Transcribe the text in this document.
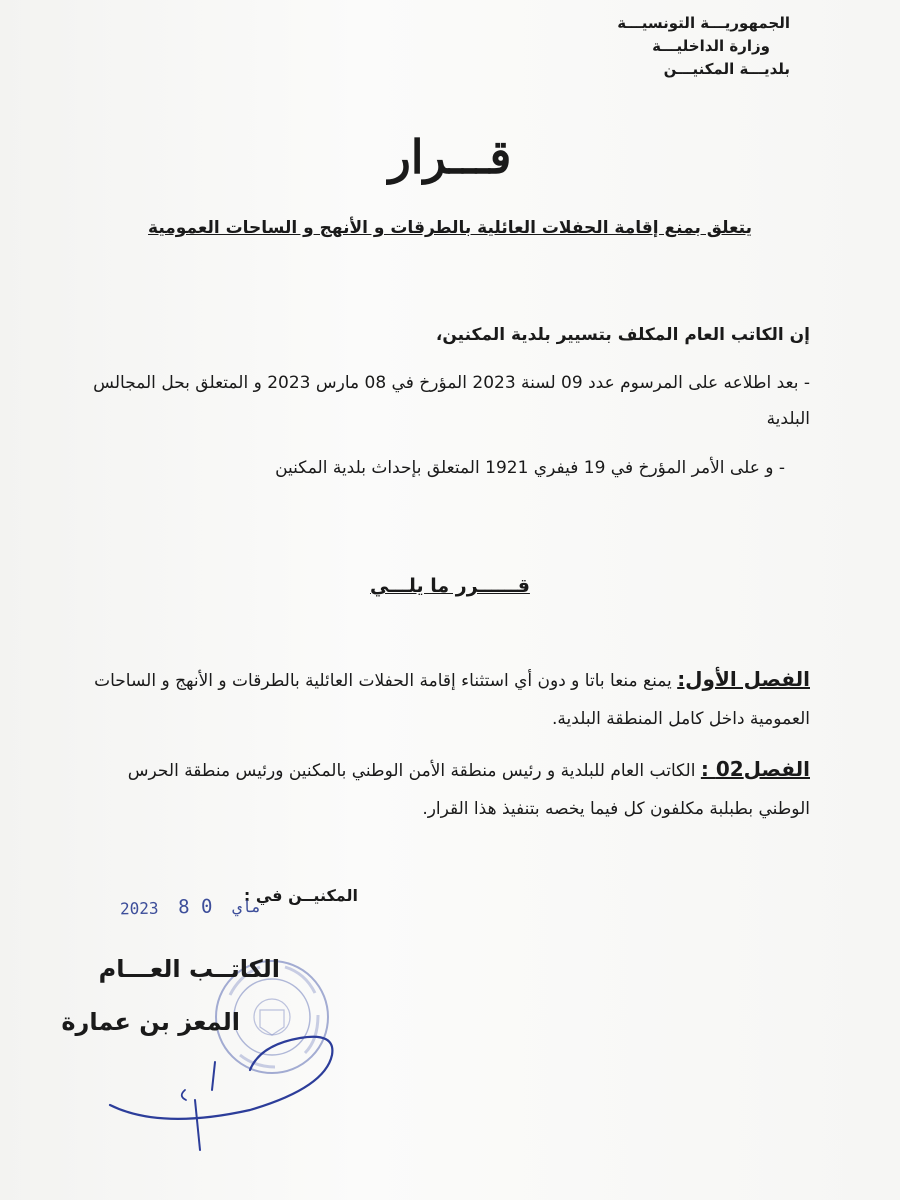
الجمهوريـــة التونسيـــة
وزارة الداخليـــة
بلديـــة المكنيـــن
قـــرار
يتعلق بمنع إقامة الحفلات العائلية بالطرقات و الأنهج و الساحات العمومية
إن الكاتب العام المكلف بتسيير بلدية المكنين،
- بعد اطلاعه على المرسوم عدد 09 لسنة 2023 المؤرخ في 08 مارس 2023 و المتعلق بحل المجالس البلدية
- و على الأمر المؤرخ في 19 فيفري 1921 المتعلق بإحداث بلدية المكنين
قــــــرر ما يلـــي
الفصل الأول: يمنع منعا باتا و دون أي استثناء إقامة الحفلات العائلية بالطرقات و الأنهج و الساحات العمومية داخل كامل المنطقة البلدية.
الفصل02 : الكاتب العام للبلدية و رئيس منطقة الأمن الوطني بالمكنين ورئيس منطقة الحرس الوطني بطبلبة مكلفون كل فيما يخصه بتنفيذ هذا القرار.
المكنيــن في :
2023	ماي 0 8
الكاتــب العـــام
المعز بن عمارة
